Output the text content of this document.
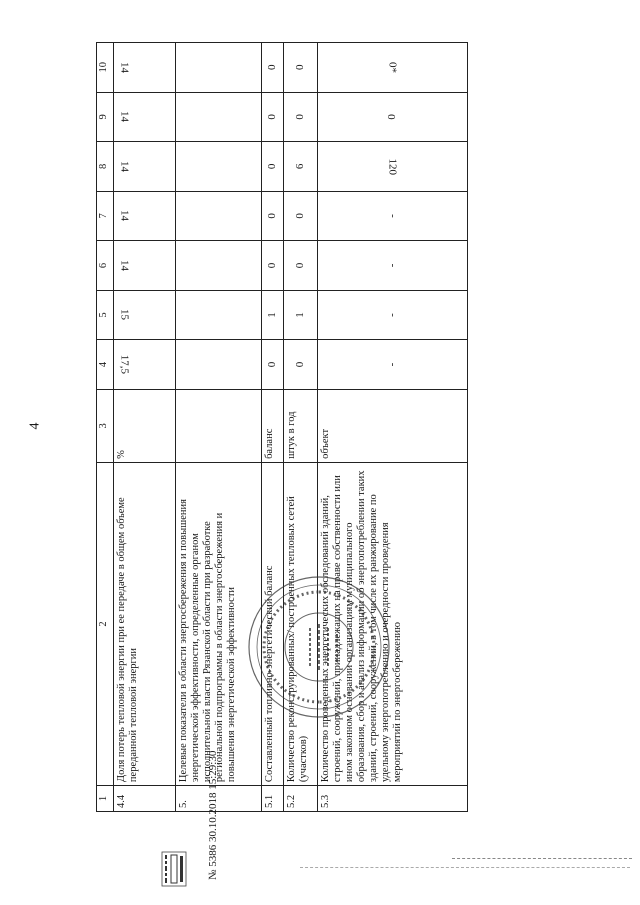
4
1	2	3	4	5	6	7	8	9	10
4.4	Доля потерь тепловой энергии при ее передаче в общем объеме переданной тепловой энергии	%	17,5	15	14	14	14	14	14
5.	Целевые показатели в области энергосбережения и повышения энергетической эффективности, определенные органом исполнительной власти Рязанской области при разработке региональной подпрограммы в области энергосбережения и повышения энергетической эффективности								
5.1	Составленный топливно-энергетический баланс	баланс	0	1	0	0	0	0	0
5.2	Количество реконструированных/ построенных тепловых сетей (участков)	штук в год	0	1	0	0	6	0	0
5.3	Количество проведенных энергетических обследований зданий, строений, сооружений, принадлежащих на праве собственности или ином законном основании организациям муниципального образования, сбор и анализ информации об энергопотреблении таких зданий, строений, сооружений, в том числе их ранжирование по удельному энергопотреблению и очередности проведения мероприятий по энергосбережению	объект	-	-	-	-	120	0	0*
№ 5386 30.10.2018 15:29:30
